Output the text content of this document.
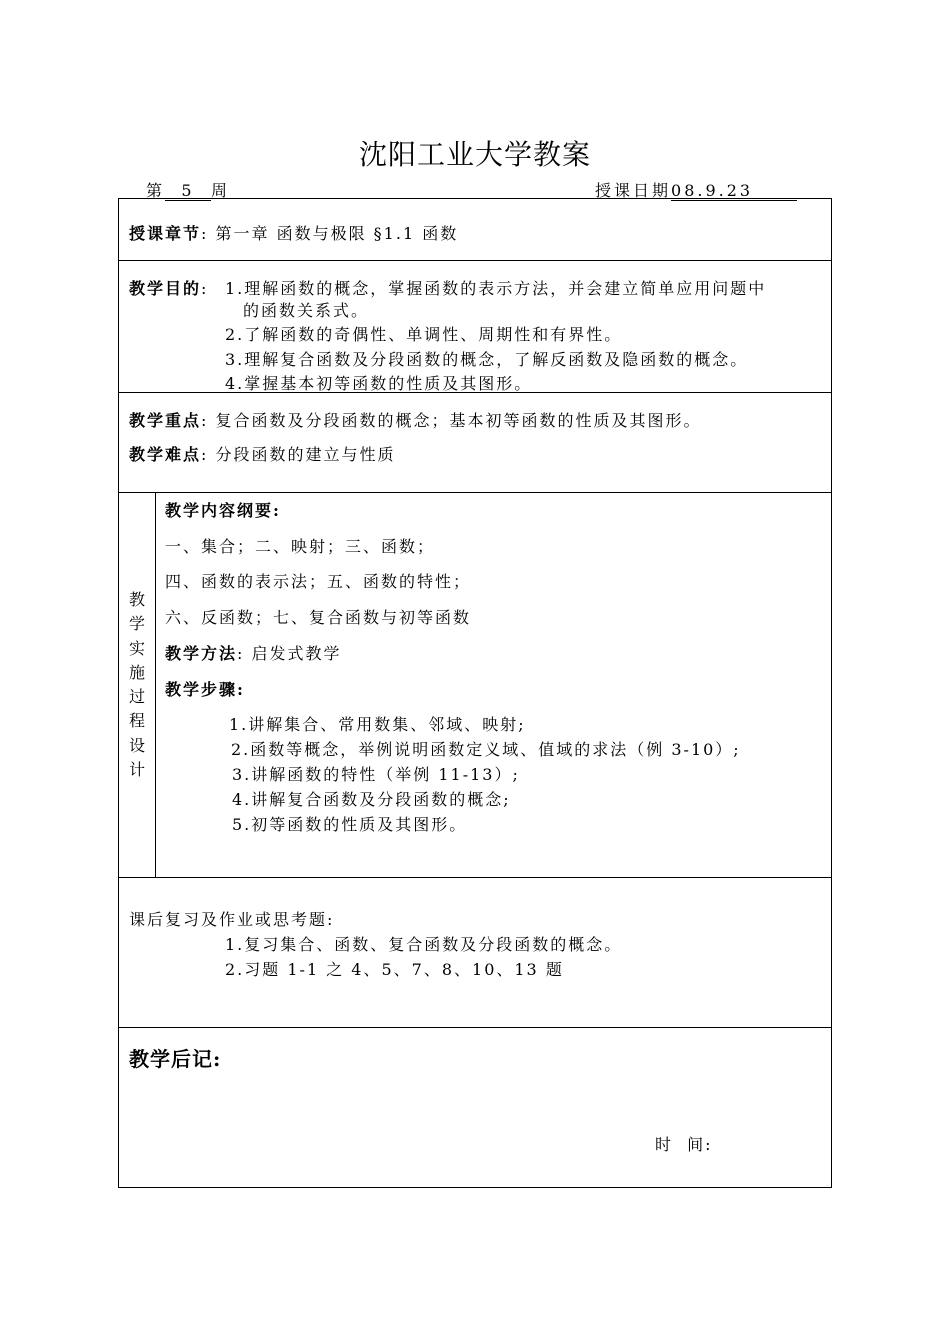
沈阳工业大学教案
第 5 周	授课日期08.9.23
授课章节: 第一章 函数与极限 §1.1 函数
教学目的: 1.理解函数的概念，掌握函数的表示方法，并会建立简单应用问题中
的函数关系式。
2.了解函数的奇偶性、单调性、周期性和有界性。
3.理解复合函数及分段函数的概念，了解反函数及隐函数的概念。
4.掌握基本初等函数的性质及其图形。
教学重点: 复合函数及分段函数的概念；基本初等函数的性质及其图形。
教学难点: 分段函数的建立与性质
教学实施过程设计
教学内容纲要:
一、集合；二、映射；三、函数；
四、函数的表示法；五、函数的特性；
六、反函数；七、复合函数与初等函数
教学方法: 启发式教学
教学步骤:
1.讲解集合、常用数集、邻域、映射;
2.函数等概念，举例说明函数定义域、值域的求法（例 3-10）;
3.讲解函数的特性（举例 11-13）;
4.讲解复合函数及分段函数的概念;
5.初等函数的性质及其图形。
课后复习及作业或思考题:
1.复习集合、函数、复合函数及分段函数的概念。
2.习题 1-1 之 4、5、7、8、10、13 题
教学后记:
时  间:
